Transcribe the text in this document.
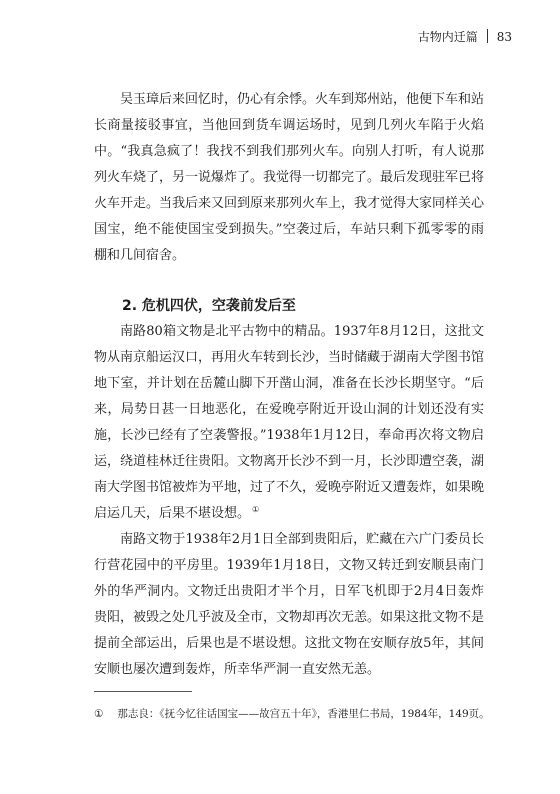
古物内迁篇 83

吴玉璋后来回忆时，仍心有余悸。火车到郑州站，他便下车和站长商量接驳事宜，当他回到货车调运场时，见到几列火车陷于火焰中。“我真急疯了！我找不到我们那列火车。向别人打听，有人说那列火车烧了，另一说爆炸了。我觉得一切都完了。最后发现驻军已将火车开走。当我后来又回到原来那列火车上，我才觉得大家同样关心国宝，绝不能使国宝受到损失。”空袭过后，车站只剩下孤零零的雨棚和几间宿舍。

2. 危机四伏，空袭前发后至

南路80箱文物是北平古物中的精品。1937年8月12日，这批文物从南京船运汉口，再用火车转到长沙，当时储藏于湖南大学图书馆地下室，并计划在岳麓山脚下开凿山洞，准备在长沙长期坚守。“后来，局势日甚一日地恶化，在爱晚亭附近开设山洞的计划还没有实施，长沙已经有了空袭警报。”1938年1月12日，奉命再次将文物启运，绕道桂林迁往贵阳。文物离开长沙不到一月，长沙即遭空袭，湖南大学图书馆被炸为平地，过了不久，爱晚亭附近又遭轰炸，如果晚启运几天，后果不堪设想。 ①

南路文物于1938年2月1日全部到贵阳后，贮藏在六广门委员长行营花园中的平房里。1939年1月18日，文物又转迁到安顺县南门外的华严洞内。文物迁出贵阳才半个月，日军飞机即于2月4日轰炸贵阳，被毁之处几乎波及全市，文物却再次无恙。如果这批文物不是提前全部运出，后果也是不堪设想。这批文物在安顺存放5年，其间安顺也屡次遭到轰炸，所幸华严洞一直安然无恙。

① 那志良：《抚今忆往话国宝——故宫五十年》，香港里仁书局，1984年，149页。
